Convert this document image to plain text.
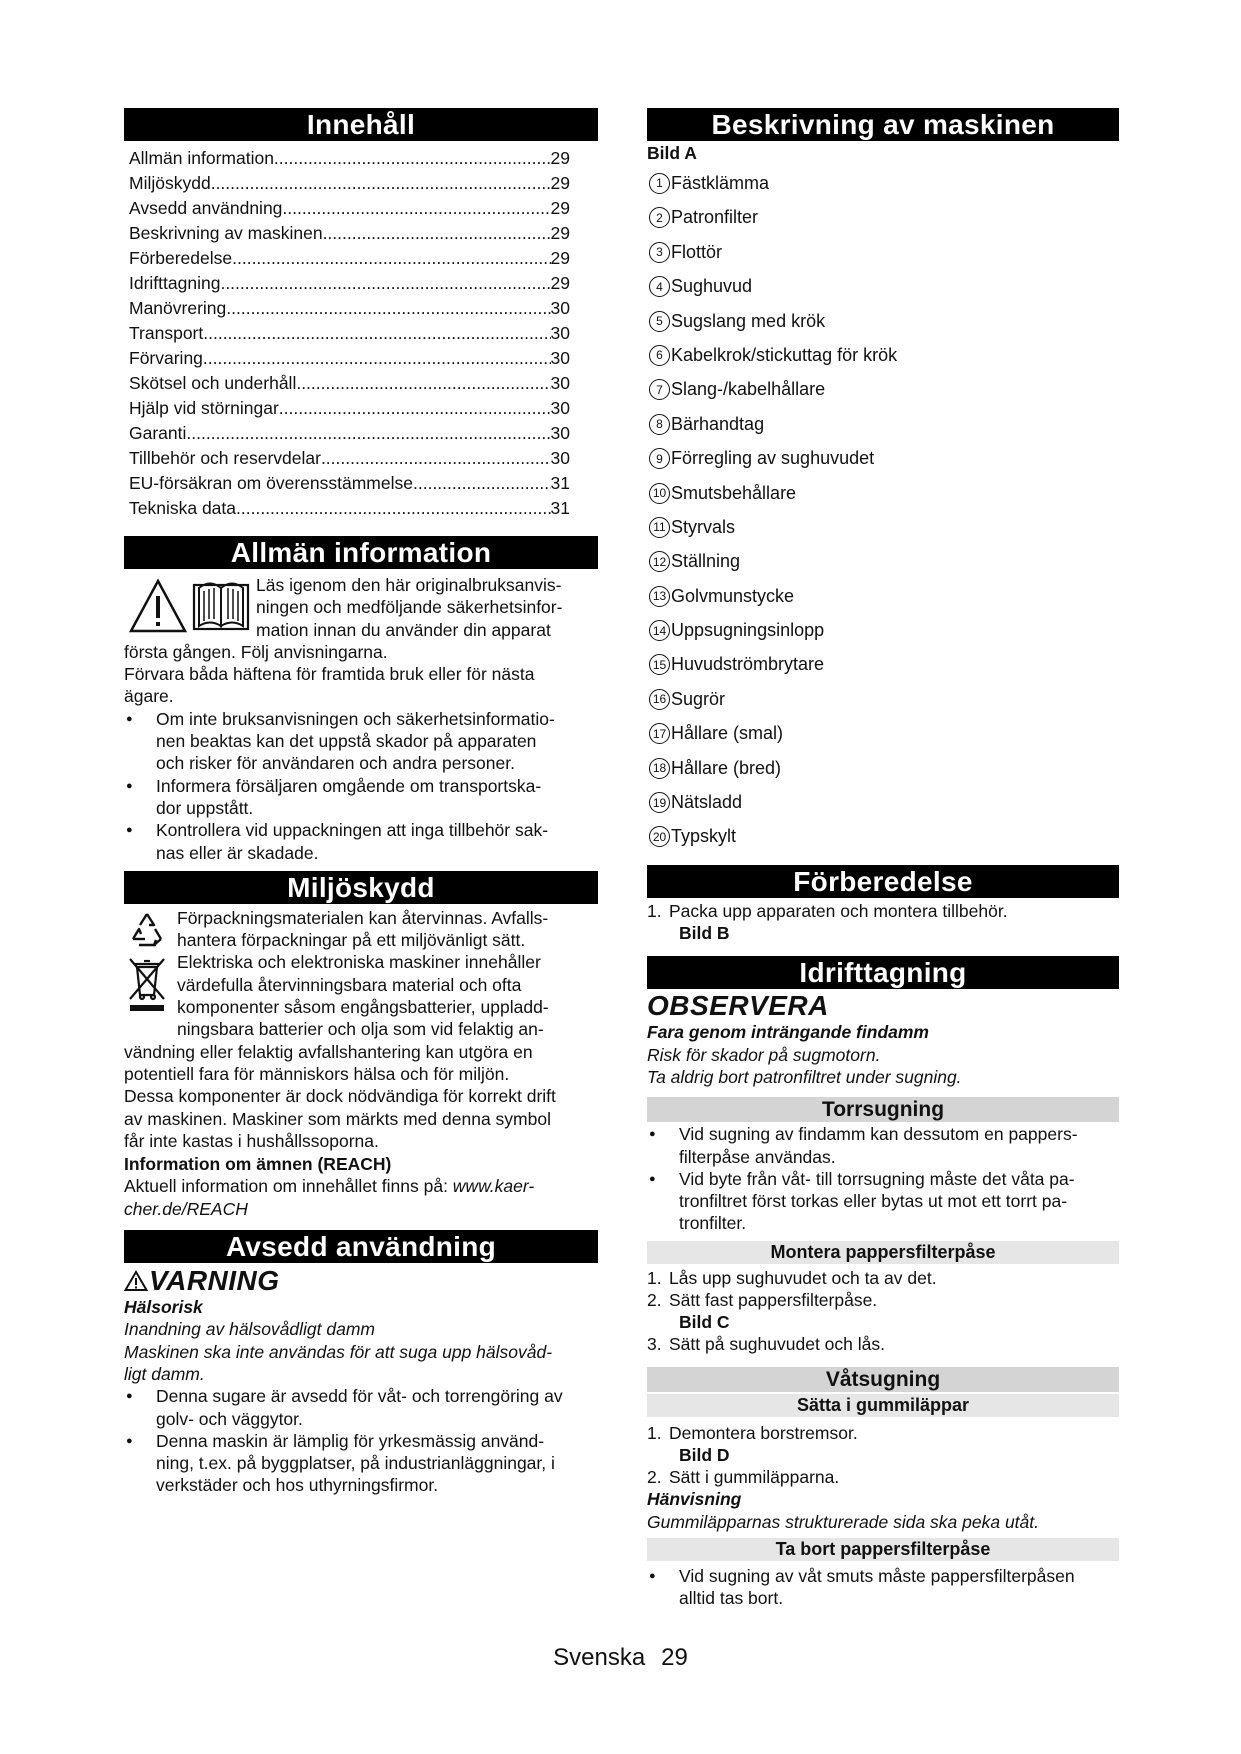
Innehåll
Allmän information .....	29
Miljöskydd .....	29
Avsedd användning .....	29
Beskrivning av maskinen .....	29
Förberedelse .....	29
Idrifttagning .....	29
Manövrering .....	30
Transport .....	30
Förvaring .....	30
Skötsel och underhåll .....	30
Hjälp vid störningar .....	30
Garanti .....	30
Tillbehör och reservdelar .....	30
EU-försäkran om överensstämmelse .....	31
Tekniska data .....	31
Allmän information

Läs igenom den här originalbruksanvis-

ningen och medföljande säkerhetsinfor-

mation innan du använder din apparat

första gången. Följ anvisningarna.

Förvara båda häftena för framtida bruk eller för nästa

ägare.

● Om inte bruksanvisningen och säkerhetsinformatio-

nen beaktas kan det uppstå skador på apparaten

och risker för användaren och andra personer.

● Informera försäljaren omgående om transportska-

dor uppstått.

● Kontrollera vid uppackningen att inga tillbehör sak-

nas eller är skadade.

Miljöskydd

Förpackningsmaterialen kan återvinnas. Avfalls-

hantera förpackningar på ett miljövänligt sätt.

Elektriska och elektroniska maskiner innehåller

värdefulla återvinningsbara material och ofta

komponenter såsom engångsbatterier, uppladd-

ningsbara batterier och olja som vid felaktig an-

vändning eller felaktig avfallshantering kan utgöra en

potentiell fara för människors hälsa och för miljön.

Dessa komponenter är dock nödvändiga för korrekt drift

av maskinen. Maskiner som märkts med denna symbol

får inte kastas i hushållssoporna.

Information om ämnen (REACH)

Aktuell information om innehållet finns på: www.kaer-

cher.de/REACH

Avsedd användning
VARNING

Hälsorisk

Inandning av hälsovådligt damm

Maskinen ska inte användas för att suga upp hälsovåd-

ligt damm.

● Denna sugare är avsedd för våt- och torrengöring av

golv- och väggytor.

● Denna maskin är lämplig för yrkesmässig använd-

ning, t.ex. på byggplatser, på industrianläggningar, i

verkstäder och hos uthyrningsfirmor.

Beskrivning av maskinen

Bild A

1 Fästklämma
2 Patronfilter
3 Flottör
4 Sughuvud
5 Sugslang med krök
6 Kabelkrok/stickuttag för krök
7 Slang-/kabelhållare
8 Bärhandtag
9 Förregling av sughuvudet
10 Smutsbehållare
11 Styrvals
12 Ställning
13 Golvmunstycke
14 Uppsugningsinlopp
15 Huvudströmbrytare
16 Sugrör
17 Hållare (smal)
18 Hållare (bred)
19 Nätsladd
20 Typskylt
Förberedelse
1. Packa upp apparaten och montera tillbehör.

Bild B

Idrifttagning
OBSERVERA

Fara genom inträngande findamm

Risk för skador på sugmotorn.

Ta aldrig bort patronfiltret under sugning.

Torrsugning

● Vid sugning av findamm kan dessutom en pappers-

filterpåse användas.

● Vid byte från våt- till torrsugning måste det våta pa-

tronfiltret först torkas eller bytas ut mot ett torrt pa-

tronfilter.

Montera pappersfilterpåse
1. Lås upp sughuvudet och ta av det.
2. Sätt fast pappersfilterpåse.

Bild C

3. Sätt på sughuvudet och lås.
Våtsugning
Sätta i gummiläppar
1. Demontera borstremsor.

Bild D

2. Sätt i gummiläpparna.

Hänvisning

Gummiläpparnas strukturerade sida ska peka utåt.

Ta bort pappersfilterpåse

● Vid sugning av våt smuts måste pappersfilterpåsen

alltid tas bort.

Svenska 29
